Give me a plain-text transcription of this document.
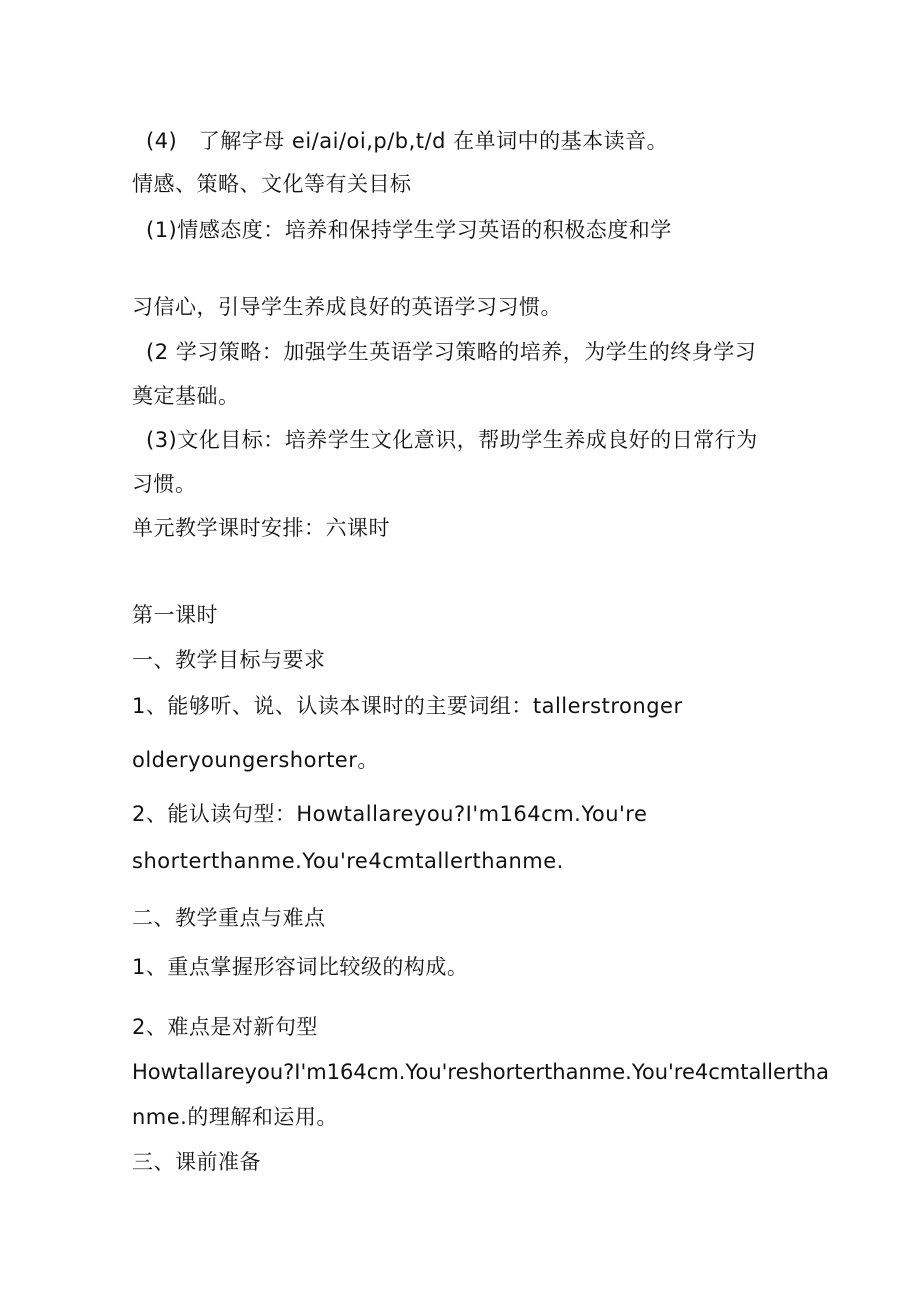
(4)　了解字母 ei/ai/oi,p/b,t/d 在单词中的基本读音。
情感、策略、文化等有关目标
(1)情感态度：培养和保持学生学习英语的积极态度和学
习信心，引导学生养成良好的英语学习习惯。
(2 学习策略：加强学生英语学习策略的培养，为学生的终身学习
奠定基础。
(3)文化目标：培养学生文化意识，帮助学生养成良好的日常行为
习惯。
单元教学课时安排：六课时
第一课时
一、教学目标与要求
1、能够听、说、认读本课时的主要词组：tallerstronger
olderyoungershorter。
2、能认读句型：Howtallareyou?I'm164cm.You're
shorterthanme.You're4cmtallerthanme.
二、教学重点与难点
1、重点掌握形容词比较级的构成。
2、难点是对新句型
Howtallareyou?I'm164cm.You'reshorterthanme.You're4cmtallertha
nme.的理解和运用。
三、课前准备
